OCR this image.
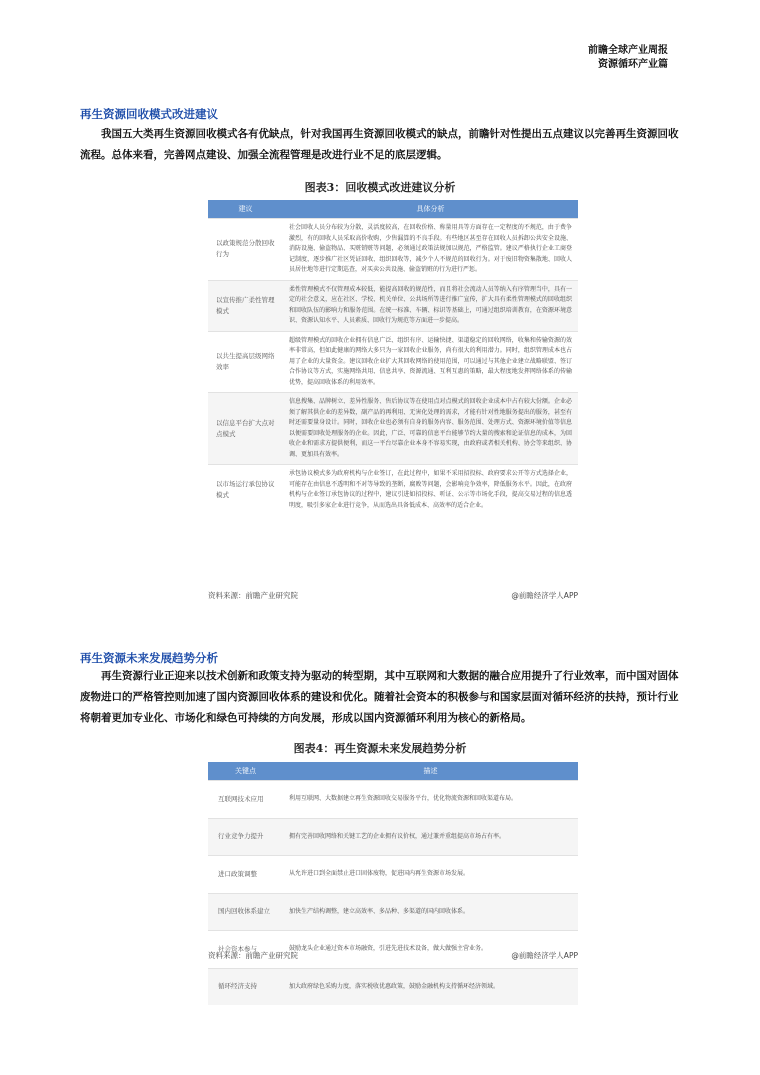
前瞻全球产业周报
资源循环产业篇
再生资源回收模式改进建议
我国五大类再生资源回收模式各有优缺点，针对我国再生资源回收模式的缺点，前瞻针对性提出五点建议以完善再生资源回收流程。总体来看，完善网点建设、加强全流程管理是改进行业不足的底层逻辑。
图表3：回收模式改进建议分析
建议	具体分析
以政策规范分散回收行为	社会回收人员分布较为分散，灵活度较高，在回收价格、称量用具等方面存在一定程度的不规范，由于费争激烈，有的回收人员采取高价收购，少售漏算的不良手段。有些地区甚至存在回收人员拆卸公共安全设施、消防设施、偷盗物品、买赃销赃等问题，必须通过政策法规加以规范，严格监管。建议严格执行企业工商登记制度，逐步推广社区凭证回收、组织回收等，减少个人不规范的回收行为。对于废旧物资集散地、回收人员居住地等进行定期巡查，对买卖公共设施、偷盗销赃的行为进行严惩。
以宣传推广柔性管理模式	柔性管理模式不仅管理成本较低，能提高回收的规范性，而且将社会流动人员等纳入有序管理当中，具有一定的社会意义，应在社区、学校、机关单位、公共场所等进行推广宣传，扩大具有柔性管理模式的回收组织和回收队伍的影响力和服务范围。在统一标准、车辆、标识等基础上，可通过组织培训教育，在资源环境意识、资源认知水平、人员素质、回收行为规范等方面进一步提高。
以共生提高层级网络效率	超级管理模式的回收企业拥有信息广泛、组织有序、运输快捷、渠道稳定的回收网络，收集和传输资源的效率非常高，但如此健康的网络大多只为一家回收企业服务，尚有很大的利用潜力。同时，组织管理成本也占用了企业的大量资金。建议回收企业扩大其回收网络的使用范围，可以通过与其他企业建立战略联盟、签订合作协议等方式，实施网络共用、信息共享、资源流通、互利互惠的策略，最大程度地发挥网络体系的传输优势，提高回收体系的利用效率。
以信息平台扩大点对点模式	信息搜集、品牌树立、差异性服务、售后协议等在使用点对点模式的回收企业成本中占有较大份额。企业必须了解其供企业的差异数，副产品的再利用、无害化处理的需求，才能有针对性地服务提出的服务，甚至有时还需要量身设计。同时，回收企业也必须有自身的服务内容、服务范围、处理方式、资源环境价值等信息以便需要回收处理服务的企业。因此，广泛、可靠的信息平台能够节约大量的搜索和论证信息的成本，为回收企业和需求方提供便利，而这一平台尽靠企业本身不容易实现，由政府或者相关机构、协会等来组织、协调、更加具有效率。
以市场运行承包协议模式	承包协议模式多为政府机构与企业签订，在此过程中，如果不采用招投标、政府要求公开等方式选择企业，可能存在由信息不透明和不对等导致的垄断，腐败等问题，会影响竞争效率，降低服务水平。因此，在政府机构与企业签订承包协议的过程中，建议引进如招投标、听证、公示等市场化手段，提高交易过程的信息透明度，吸引多家企业进行竞争，从而选出具备低成本、高效率的适合企业。
资料来源：前瞻产业研究院	@前瞻经济学人APP
再生资源未来发展趋势分析
再生资源行业正迎来以技术创新和政策支持为驱动的转型期，其中互联网和大数据的融合应用提升了行业效率，而中国对固体废物进口的严格管控则加速了国内资源回收体系的建设和优化。随着社会资本的积极参与和国家层面对循环经济的扶持，预计行业将朝着更加专业化、市场化和绿色可持续的方向发展，形成以国内资源循环利用为核心的新格局。
图表4：再生资源未来发展趋势分析
关键点	描述
互联网技术应用	利用互联网、大数据建立再生资源回收交易服务平台，优化物流资源和回收渠道布局。
行业竞争力提升	拥有完善回收网络和关键工艺的企业拥有议价权，通过兼并重组提高市场占有率。
进口政策调整	从允许进口到全面禁止进口固体废物，促进国内再生资源市场发展。
国内回收体系建立	加快生产结构调整，建立高效率、多品种、多渠道的国内回收体系。
社会资本参与	鼓励龙头企业通过资本市场融资，引进先进技术设备，做大做强主营业务。
循环经济支持	加大政府绿色采购力度，落实税收优惠政策，鼓励金融机构支持循环经济领域。
资料来源：前瞻产业研究院	@前瞻经济学人APP
